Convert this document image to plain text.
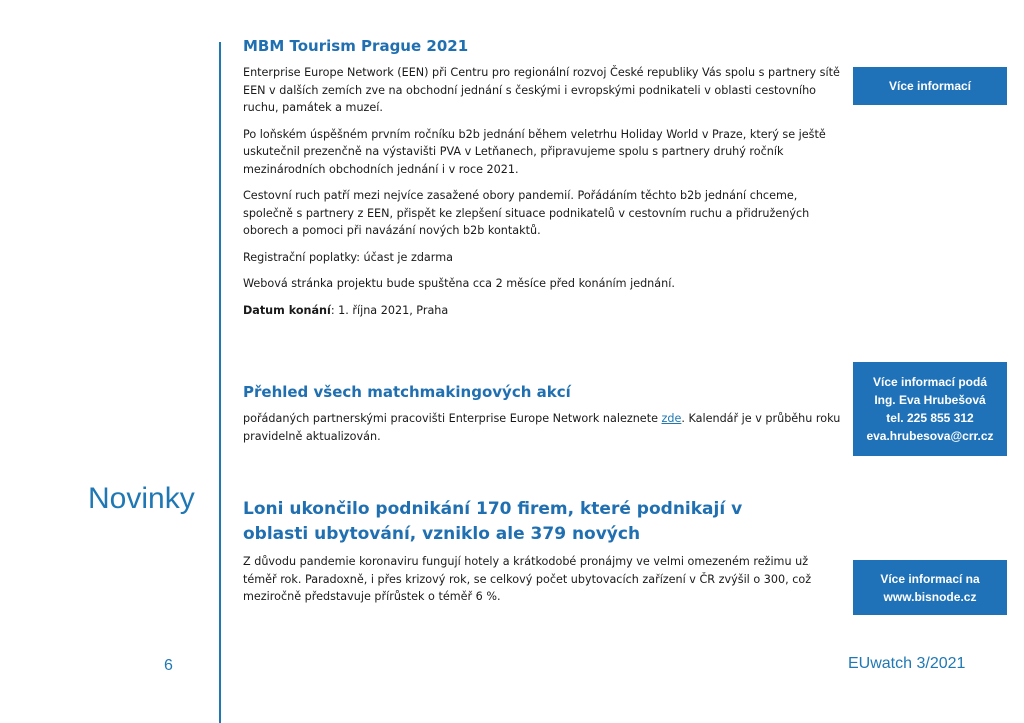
MBM Tourism Prague 2021

Enterprise Europe Network (EEN) při Centru pro regionální rozvoj České republiky Vás spolu s partnery sítě EEN v dalších zemích zve na obchodní jednání s českými i evropskými podnikateli v oblasti cestovního ruchu, památek a muzeí.

Po loňském úspěšném prvním ročníku b2b jednání během veletrhu Holiday World v Praze, který se ještě uskutečnil prezenčně na výstavišti PVA v Letňanech, připravujeme spolu s partnery druhý ročník mezinárodních obchodních jednání i v roce 2021.

Cestovní ruch patří mezi nejvíce zasažené obory pandemií. Pořádáním těchto b2b jednání chceme, společně s partnery z EEN, přispět ke zlepšení situace podnikatelů v cestovním ruchu a přidružených oborech a pomoci při navázání nových b2b kontaktů.

Registrační poplatky: účast je zdarma

Webová stránka projektu bude spuštěna cca 2 měsíce před konáním jednání.

Datum konání: 1. října 2021, Praha

Více informací
Přehled všech matchmakingových akcí

pořádaných partnerskými pracovišti Enterprise Europe Network naleznete zde. Kalendář je v průběhu roku pravidelně aktualizován.

Více informací podá
Ing. Eva Hrubešová
tel. 225 855 312
eva.hrubesova@crr.cz
Loni ukončilo podnikání 170 firem, které podnikají v oblasti ubytování, vzniklo ale 379 nových

Z důvodu pandemie koronaviru fungují hotely a krátkodobé pronájmy ve velmi omezeném režimu už téměř rok. Paradoxně, i přes krizový rok, se celkový počet ubytovacích zařízení v ČR zvýšil o 300, což meziročně představuje přírůstek o téměř 6 %.

Více informací na
www.bisnode.cz
Novinky
6	EUwatch 3/2021
